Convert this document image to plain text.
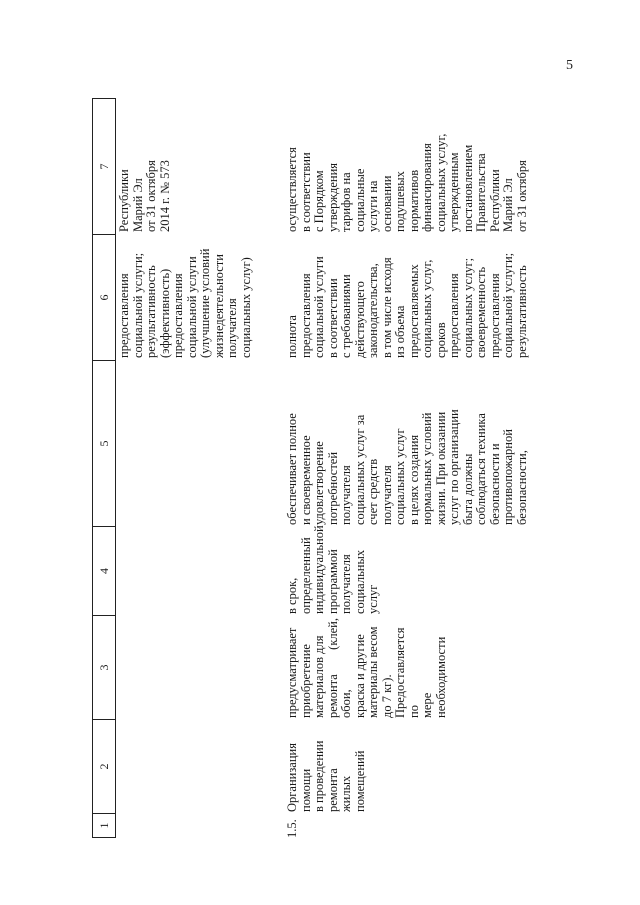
5
1
2
3
4
5
6
7
предоставления
социальной услуги;
результативность
(эффективность)
предоставления
социальной услуги
(улучшение условий
жизнедеятельности
получателя
социальных услуг)
Республики
Марий Эл
от 31 октября
2014 г. № 573
1.5.
Организация помощи
в проведении ремонта
жилых помещений
предусматривает
приобретение
материалов для
ремонта (клей, обои,
краска и другие
материалы весом
до 7 кг).
Предоставляется по
мере необходимости
в срок,
определенный
индивидуальной
программой
получателя
социальных
услуг
обеспечивает полное
и своевременное
удовлетворение
потребностей
получателя
социальных услуг за
счет средств
получателя
социальных услуг
в целях создания
нормальных условий
жизни. При оказании
услуг по организации
быта должны
соблюдаться техника
безопасности и
противопожарной
безопасности,
полнота
предоставления
социальной услуги
в соответствии
с требованиями
действующего
законодательства,
в том числе исходя
из объема
предоставляемых
социальных услуг,
сроков
предоставления
социальных услуг;
своевременность
предоставления
социальной услуги;
результативность
осуществляется
в соответствии
с Порядком
утверждения
тарифов на
социальные
услуги на
основании
подушевых
нормативов
финансирования
социальных услуг,
утвержденным
постановлением
Правительства
Республики
Марий Эл
от 31 октября
